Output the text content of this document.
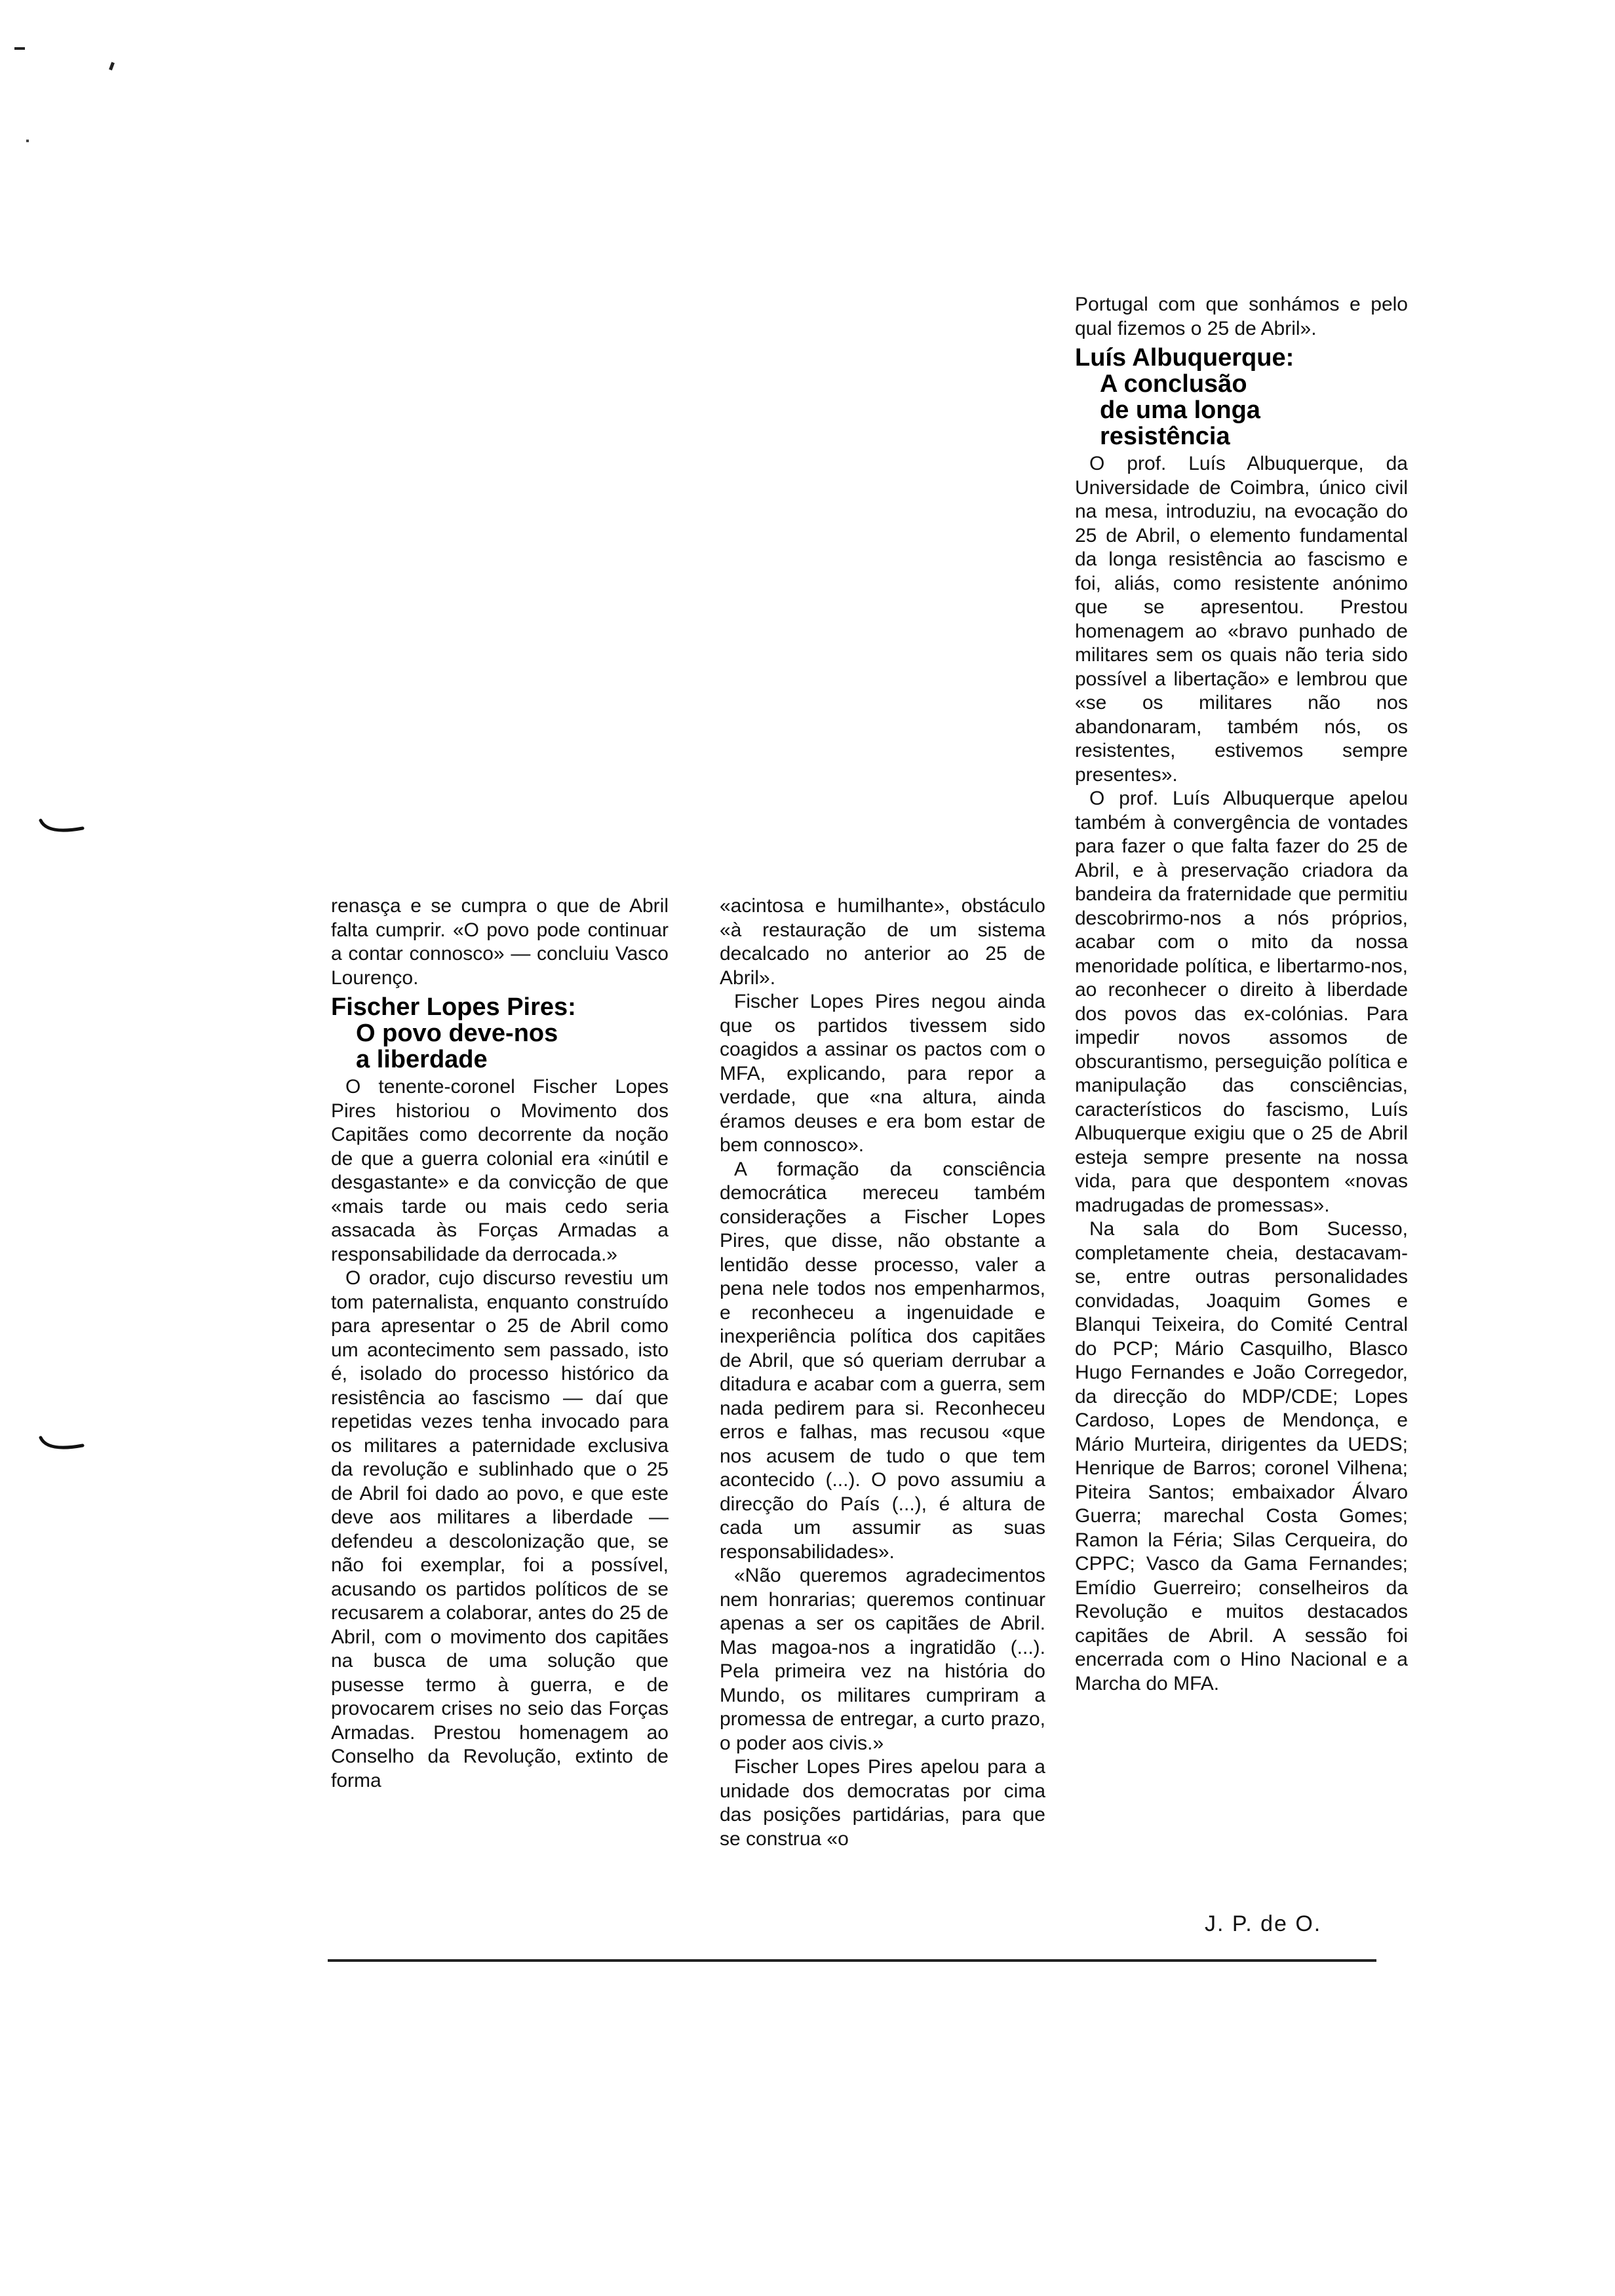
renasça e se cumpra o que de Abril falta cumprir. «O povo pode continuar a contar connosco» — concluiu Vasco Lourenço.

Fischer Lopes Pires:
O povo deve-nos
a liberdade

O tenente-coronel Fischer Lopes Pires historiou o Movimento dos Capitães como decorrente da noção de que a guerra colonial era «inútil e desgastante» e da convicção de que «mais tarde ou mais cedo seria assacada às Forças Armadas a responsabilidade da derrocada.»

O orador, cujo discurso revestiu um tom paternalista, enquanto construído para apresentar o 25 de Abril como um acontecimento sem passado, isto é, isolado do processo histórico da resistência ao fascismo — daí que repetidas vezes tenha invocado para os militares a paternidade exclusiva da revolução e sublinhado que o 25 de Abril foi dado ao povo, e que este deve aos militares a liberdade — defendeu a descolonização que, se não foi exemplar, foi a possível, acusando os partidos políticos de se recusarem a colaborar, antes do 25 de Abril, com o movimento dos capitães na busca de uma solução que pusesse termo à guerra, e de provocarem crises no seio das Forças Armadas. Prestou homenagem ao Conselho da Revolução, extinto de forma

«acintosa e humilhante», obstáculo «à restauração de um sistema decalcado no anterior ao 25 de Abril».

Fischer Lopes Pires negou ainda que os partidos tivessem sido coagidos a assinar os pactos com o MFA, explicando, para repor a verdade, que «na altura, ainda éramos deuses e era bom estar de bem connosco».

A formação da consciência democrática mereceu também considerações a Fischer Lopes Pires, que disse, não obstante a lentidão desse processo, valer a pena nele todos nos empenharmos, e reconheceu a ingenuidade e inexperiência política dos capitães de Abril, que só queriam derrubar a ditadura e acabar com a guerra, sem nada pedirem para si. Reconheceu erros e falhas, mas recusou «que nos acusem de tudo o que tem acontecido (...). O povo assumiu a direcção do País (...), é altura de cada um assumir as suas responsabilidades».

«Não queremos agradecimentos nem honrarias; queremos continuar apenas a ser os capitães de Abril. Mas magoa-nos a ingratidão (...). Pela primeira vez na história do Mundo, os militares cumpriram a promessa de entregar, a curto prazo, o poder aos civis.»

Fischer Lopes Pires apelou para a unidade dos democratas por cima das posições partidárias, para que se construa «o

Portugal com que sonhámos e pelo qual fizemos o 25 de Abril».

Luís Albuquerque:
A conclusão
de uma longa
resistência

O prof. Luís Albuquerque, da Universidade de Coimbra, único civil na mesa, introduziu, na evocação do 25 de Abril, o elemento fundamental da longa resistência ao fascismo e foi, aliás, como resistente anónimo que se apresentou. Prestou homenagem ao «bravo punhado de militares sem os quais não teria sido possível a libertação» e lembrou que «se os militares não nos abandonaram, também nós, os resistentes, estivemos sempre presentes».

O prof. Luís Albuquerque apelou também à convergência de vontades para fazer o que falta fazer do 25 de Abril, e à preservação criadora da bandeira da fraternidade que permitiu descobrirmo-nos a nós próprios, acabar com o mito da nossa menoridade política, e libertarmo-nos, ao reconhecer o direito à liberdade dos povos das ex-colónias. Para impedir novos assomos de obscurantismo, perseguição política e manipulação das consciências, característicos do fascismo, Luís Albuquerque exigiu que o 25 de Abril esteja sempre presente na nossa vida, para que despontem «novas madrugadas de promessas».

Na sala do Bom Sucesso, completamente cheia, destacavam-se, entre outras personalidades convidadas, Joaquim Gomes e Blanqui Teixeira, do Comité Central do PCP; Mário Casquilho, Blasco Hugo Fernandes e João Corregedor, da direcção do MDP/CDE; Lopes Cardoso, Lopes de Mendonça, e Mário Murteira, dirigentes da UEDS; Henrique de Barros; coronel Vilhena; Piteira Santos; embaixador Álvaro Guerra; marechal Costa Gomes; Ramon la Féria; Silas Cerqueira, do CPPC; Vasco da Gama Fernandes; Emídio Guerreiro; conselheiros da Revolução e muitos destacados capitães de Abril. A sessão foi encerrada com o Hino Nacional e a Marcha do MFA.

J. P. de O.
